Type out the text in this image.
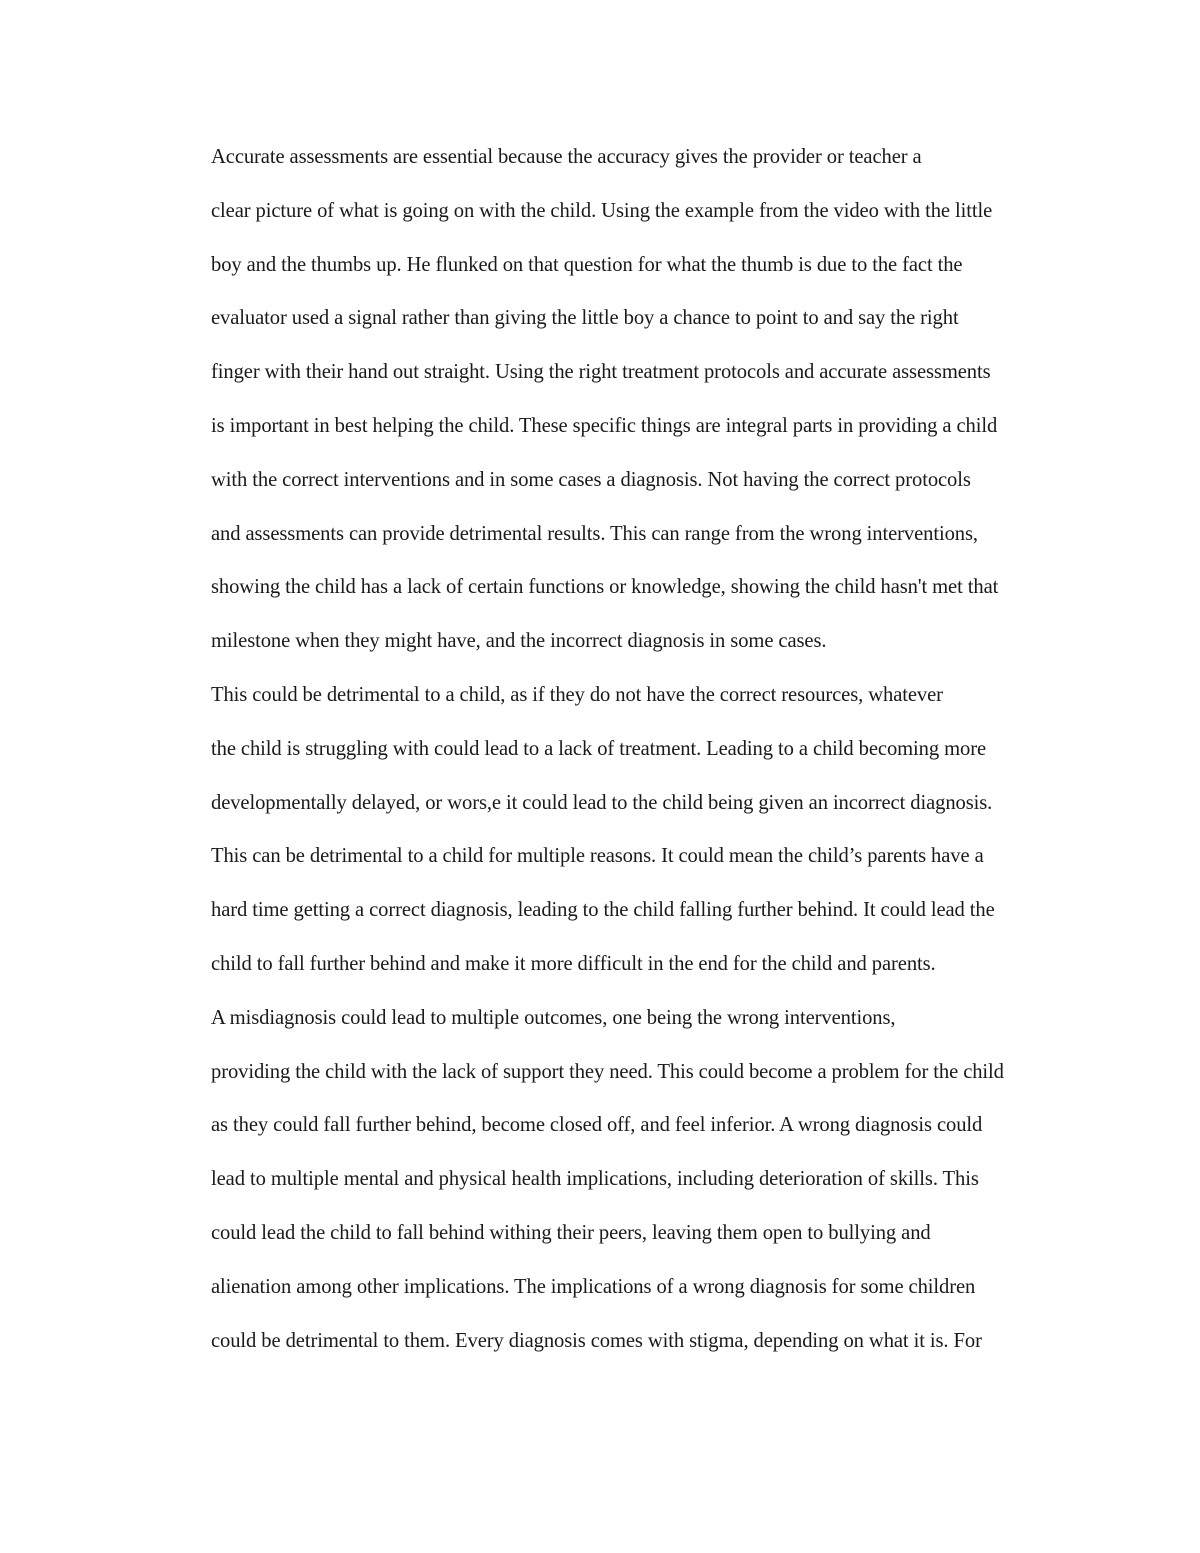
Accurate assessments are essential because the accuracy gives the provider or teacher a
clear picture of what is going on with the child. Using the example from the video with the little
boy and the thumbs up. He flunked on that question for what the thumb is due to the fact the
evaluator used a signal rather than giving the little boy a chance to point to and say the right
finger with their hand out straight. Using the right treatment protocols and accurate assessments
is important in best helping the child. These specific things are integral parts in providing a child
with the correct interventions and in some cases a diagnosis. Not having the correct protocols
and assessments can provide detrimental results. This can range from the wrong interventions,
showing the child has a lack of certain functions or knowledge, showing the child hasn't met that
milestone when they might have, and the incorrect diagnosis in some cases.

This could be detrimental to a child, as if they do not have the correct resources, whatever
the child is struggling with could lead to a lack of treatment. Leading to a child becoming more
developmentally delayed, or wors,e it could lead to the child being given an incorrect diagnosis.
This can be detrimental to a child for multiple reasons. It could mean the child’s parents have a
hard time getting a correct diagnosis, leading to the child falling further behind. It could lead the
child to fall further behind and make it more difficult in the end for the child and parents.

A misdiagnosis could lead to multiple outcomes, one being the wrong interventions,
providing the child with the lack of support they need. This could become a problem for the child
as they could fall further behind, become closed off, and feel inferior. A wrong diagnosis could
lead to multiple mental and physical health implications, including deterioration of skills. This
could lead the child to fall behind withing their peers, leaving them open to bullying and
alienation among other implications. The implications of a wrong diagnosis for some children
could be detrimental to them. Every diagnosis comes with stigma, depending on what it is. For
